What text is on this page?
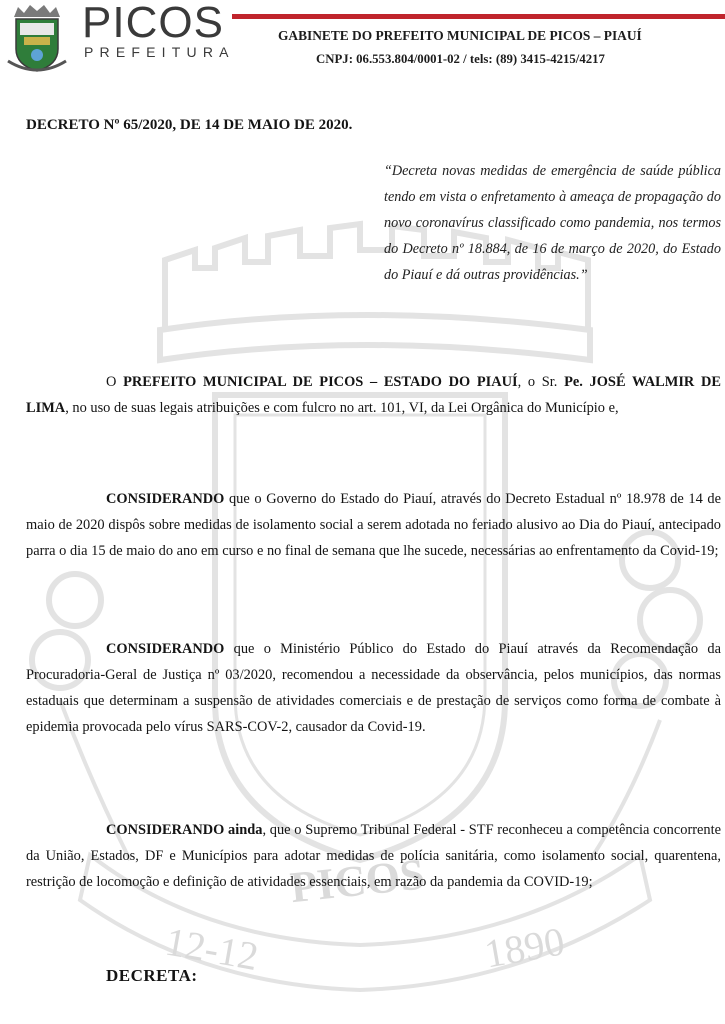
PICOS
12-12	1890
PICOS
PREFEITURA
GABINETE DO PREFEITO MUNICIPAL DE PICOS – PIAUÍ
CNPJ: 06.553.804/0001-02 / tels: (89) 3415-4215/4217
DECRETO Nº 65/2020, DE 14 DE MAIO DE 2020.
“Decreta novas medidas de emergência de saúde pública tendo em vista o enfretamento à ameaça de propagação do novo coronavírus classificado como pandemia, nos termos do Decreto nº 18.884, de 16 de março de 2020, do Estado do Piauí e dá outras providências.”
O PREFEITO MUNICIPAL DE PICOS – ESTADO DO PIAUÍ, o Sr. Pe. JOSÉ WALMIR DE LIMA, no uso de suas legais atribuições e com fulcro no art. 101, VI, da Lei Orgânica do Município e,
CONSIDERANDO que o Governo do Estado do Piauí, através do Decreto Estadual nº 18.978 de 14 de maio de 2020 dispôs sobre medidas de isolamento social a serem adotada no feriado alusivo ao Dia do Piauí, antecipado parra o dia 15 de maio do ano em curso e no final de semana que lhe sucede, necessárias ao enfrentamento da Covid-19;
CONSIDERANDO que o Ministério Público do Estado do Piauí através da Recomendação da Procuradoria-Geral de Justiça nº 03/2020, recomendou a necessidade da observância, pelos municípios, das normas estaduais que determinam a suspensão de atividades comerciais e de prestação de serviços como forma de combate à epidemia provocada pelo vírus SARS-COV-2, causador da Covid-19.
CONSIDERANDO ainda, que o Supremo Tribunal Federal - STF reconheceu a competência concorrente da União, Estados, DF e Municípios para adotar medidas de polícia sanitária, como isolamento social, quarentena, restrição de locomoção e definição de atividades essenciais, em razão da pandemia da COVID-19;
DECRETA:
